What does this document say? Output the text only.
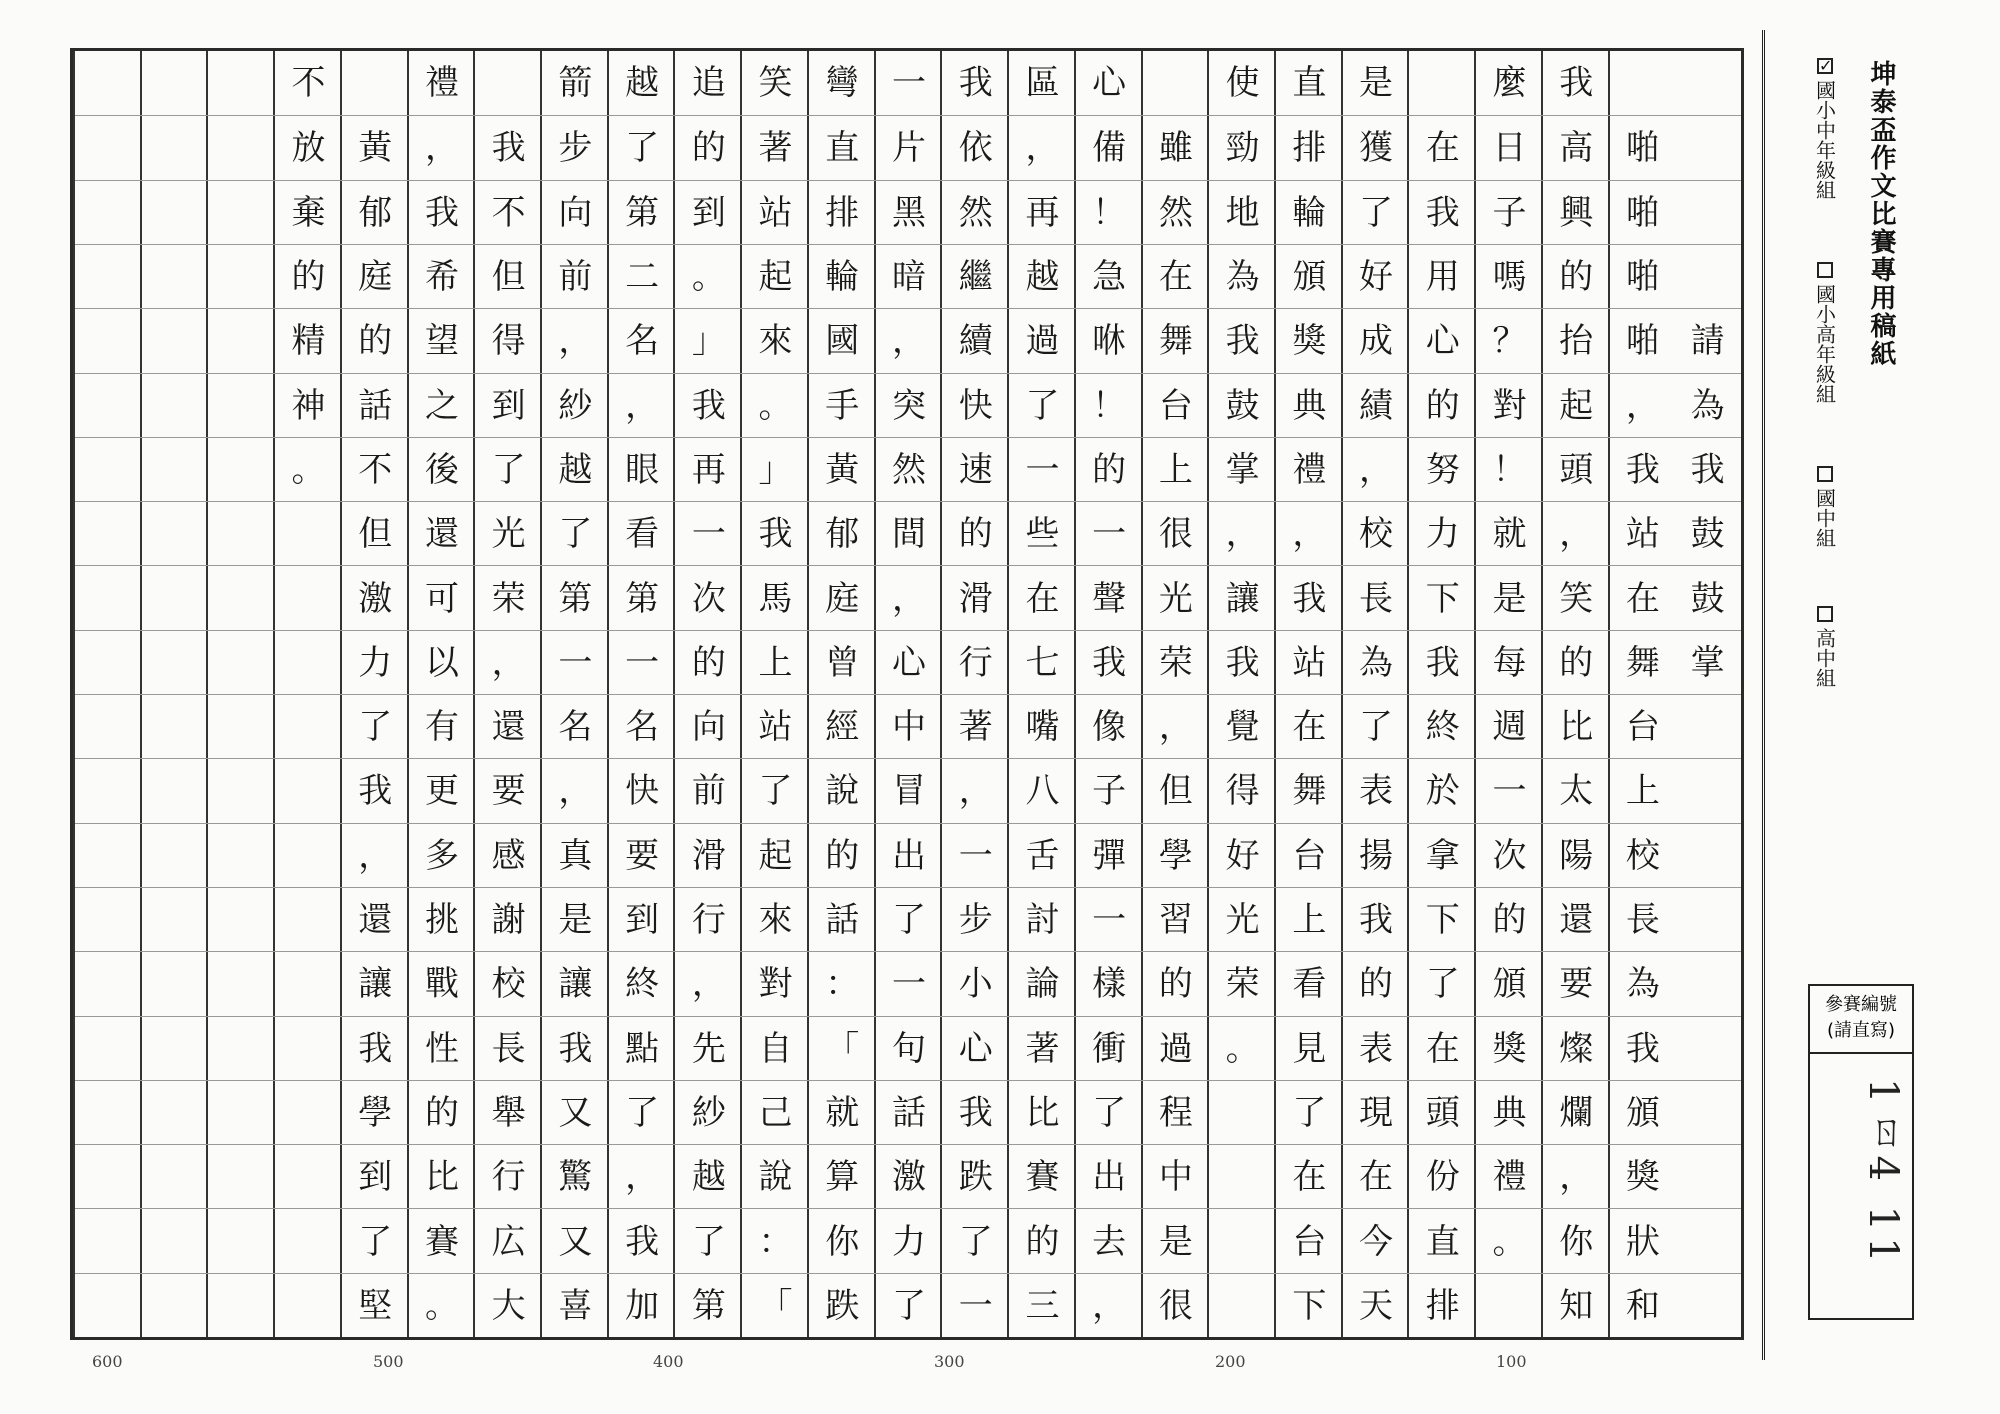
請
為
我
鼓
鼓
掌
啪
啪
啪
啪
，
我
站
在
舞
台
上
校
長
為
我
頒
獎
狀
和
我
高
興
的
抬
起
頭
，
笑
的
比
太
陽
還
要
燦
爛
，
你
知
麼
日
子
嗎
？
對
！
就
是
每
週
一
次
的
頒
獎
典
禮
。
在
我
用
心
的
努
力
下
我
終
於
拿
下
了
在
頭
份
直
排
是
獲
了
好
成
績
，
校
長
為
了
表
揚
我
的
表
現
在
今
天
直
排
輪
頒
獎
典
禮
，
我
站
在
舞
台
上
看
見
了
在
台
下
使
勁
地
為
我
鼓
掌
，
讓
我
覺
得
好
光
荣
。
雖
然
在
舞
台
上
很
光
荣
，
但
學
習
的
過
程
中
是
很
心
備
！
急
咻
！
的
一
聲
我
像
子
彈
一
樣
衝
了
出
去
，
區
，
再
越
過
了
一
些
在
七
嘴
八
舌
討
論
著
比
賽
的
三
我
依
然
繼
續
快
速
的
滑
行
著
，
一
步
小
心
我
跌
了
一
一
片
黑
暗
，
突
然
間
，
心
中
冒
出
了
一
句
話
激
力
了
彎
直
排
輪
國
手
黃
郁
庭
曾
經
說
的
話
：
「
就
算
你
跌
笑
著
站
起
來
。
」
我
馬
上
站
了
起
來
對
自
己
說
：
「
追
的
到
。
」
我
再
一
次
的
向
前
滑
行
，
先
紗
越
了
第
越
了
第
二
名
，
眼
看
第
一
名
快
要
到
終
點
了
，
我
加
箭
步
向
前
，
紗
越
了
第
一
名
，
真
是
讓
我
又
驚
又
喜
我
不
但
得
到
了
光
荣
，
還
要
感
謝
校
長
舉
行
広
大
禮
，
我
希
望
之
後
還
可
以
有
更
多
挑
戰
性
的
比
賽
。
黃
郁
庭
的
話
不
但
激
力
了
我
，
還
讓
我
學
到
了
堅
不
放
棄
的
精
神
。
100
200
300
400
500
600
坤泰盃作文比賽專用稿紙
✓
國小中年級組
國小高年級組
國中組
高中組
參賽編號
(請直寫)
1ㄖ4 11
